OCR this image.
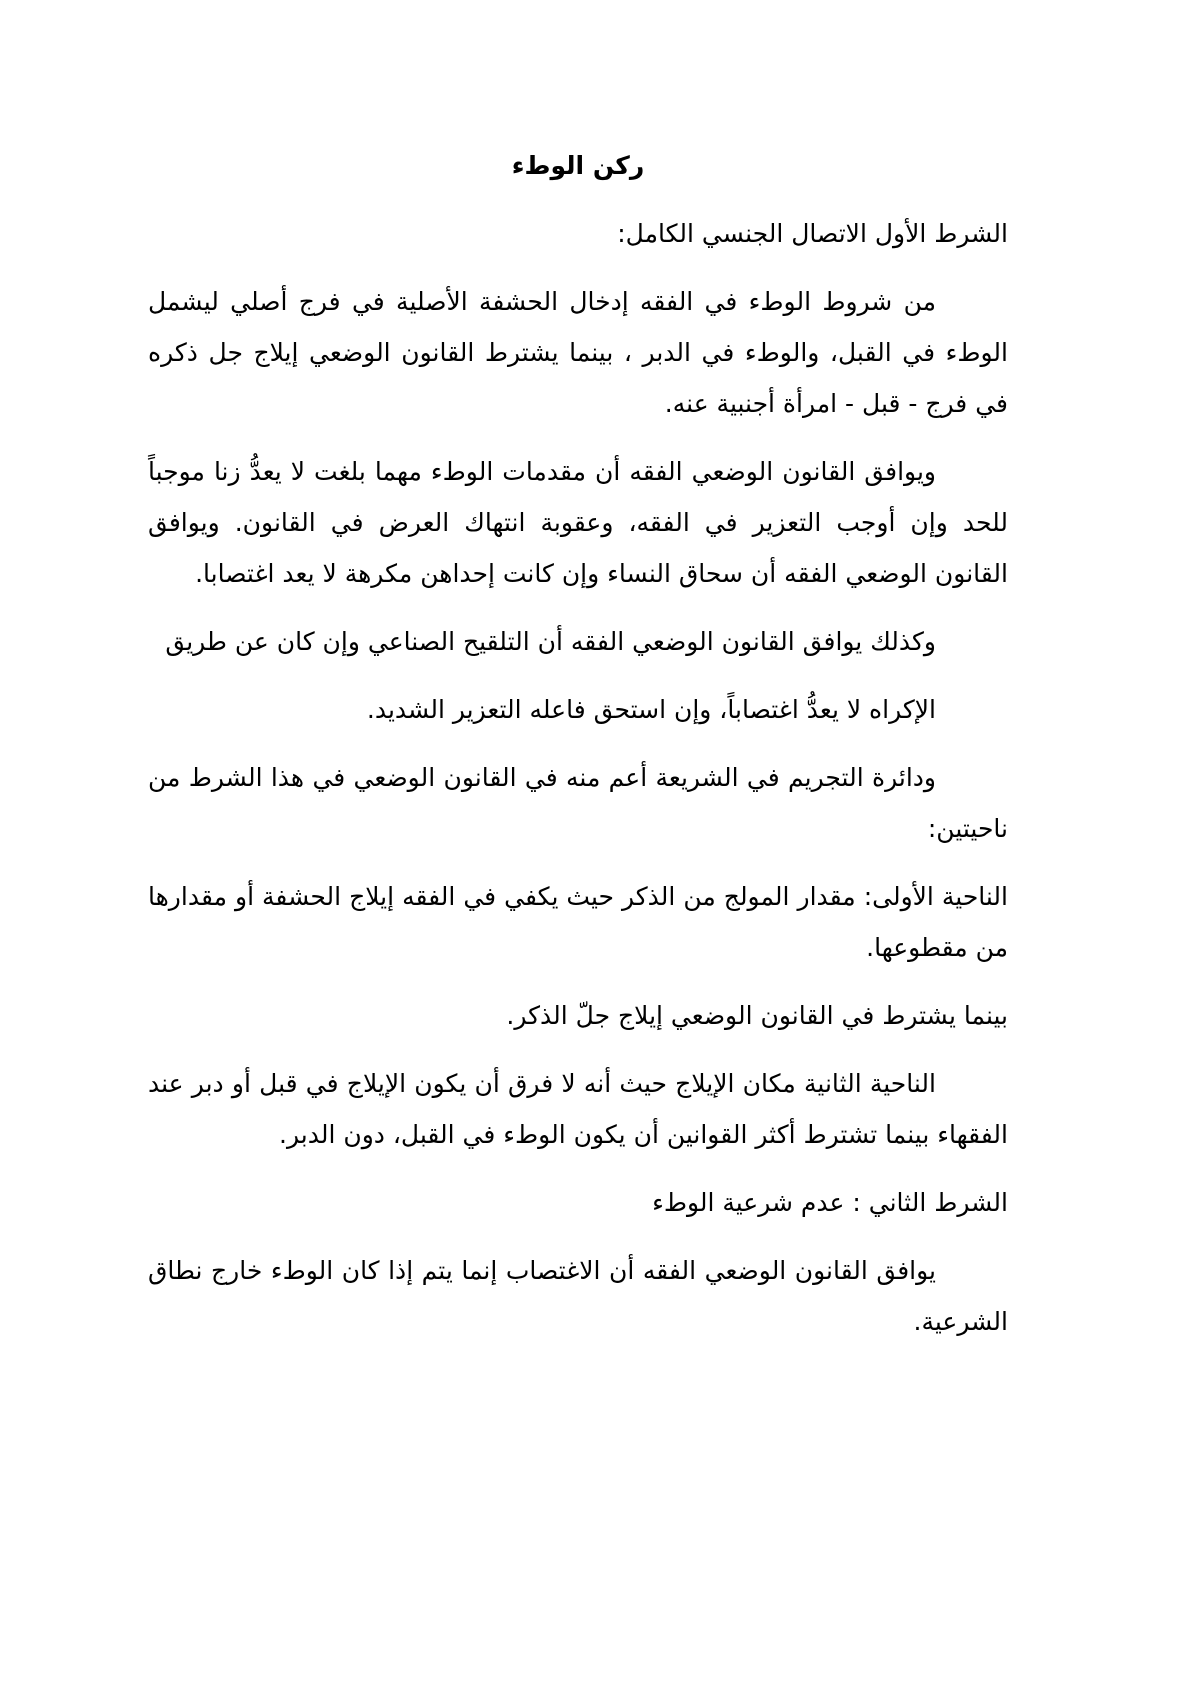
ركن الوطء

الشرط الأول الاتصال الجنسي الكامل:

من شروط الوطء في الفقه إدخال الحشفة الأصلية في فرج أصلي ليشمل الوطء في القبل، والوطء في الدبر ، بينما يشترط القانون الوضعي إيلاج جل ذكره في فرج - قبل - امرأة أجنبية عنه.

ويوافق القانون الوضعي الفقه أن مقدمات الوطء مهما بلغت لا يعدُّ زنا موجباً للحد وإن أوجب التعزير في الفقه، وعقوبة انتهاك العرض في القانون. ويوافق القانون الوضعي الفقه أن سحاق النساء وإن كانت إحداهن مكرهة لا يعد اغتصابا.

وكذلك يوافق القانون الوضعي الفقه أن التلقيح الصناعي وإن كان عن طريق

الإكراه لا يعدُّ اغتصاباً، وإن استحق فاعله التعزير الشديد.

ودائرة التجريم في الشريعة أعم منه في القانون الوضعي في هذا الشرط من ناحيتين:

الناحية الأولى: مقدار المولج من الذكر حيث يكفي في الفقه إيلاج الحشفة أو مقدارها من مقطوعها.

بينما يشترط في القانون الوضعي إيلاج جلّ الذكر.

الناحية الثانية مكان الإيلاج حيث أنه لا فرق أن يكون الإيلاج في قبل أو دبر عند الفقهاء بينما تشترط أكثر القوانين أن يكون الوطء في القبل، دون الدبر.

الشرط الثاني : عدم شرعية الوطء

يوافق القانون الوضعي الفقه أن الاغتصاب إنما يتم إذا كان الوطء خارج نطاق الشرعية.
